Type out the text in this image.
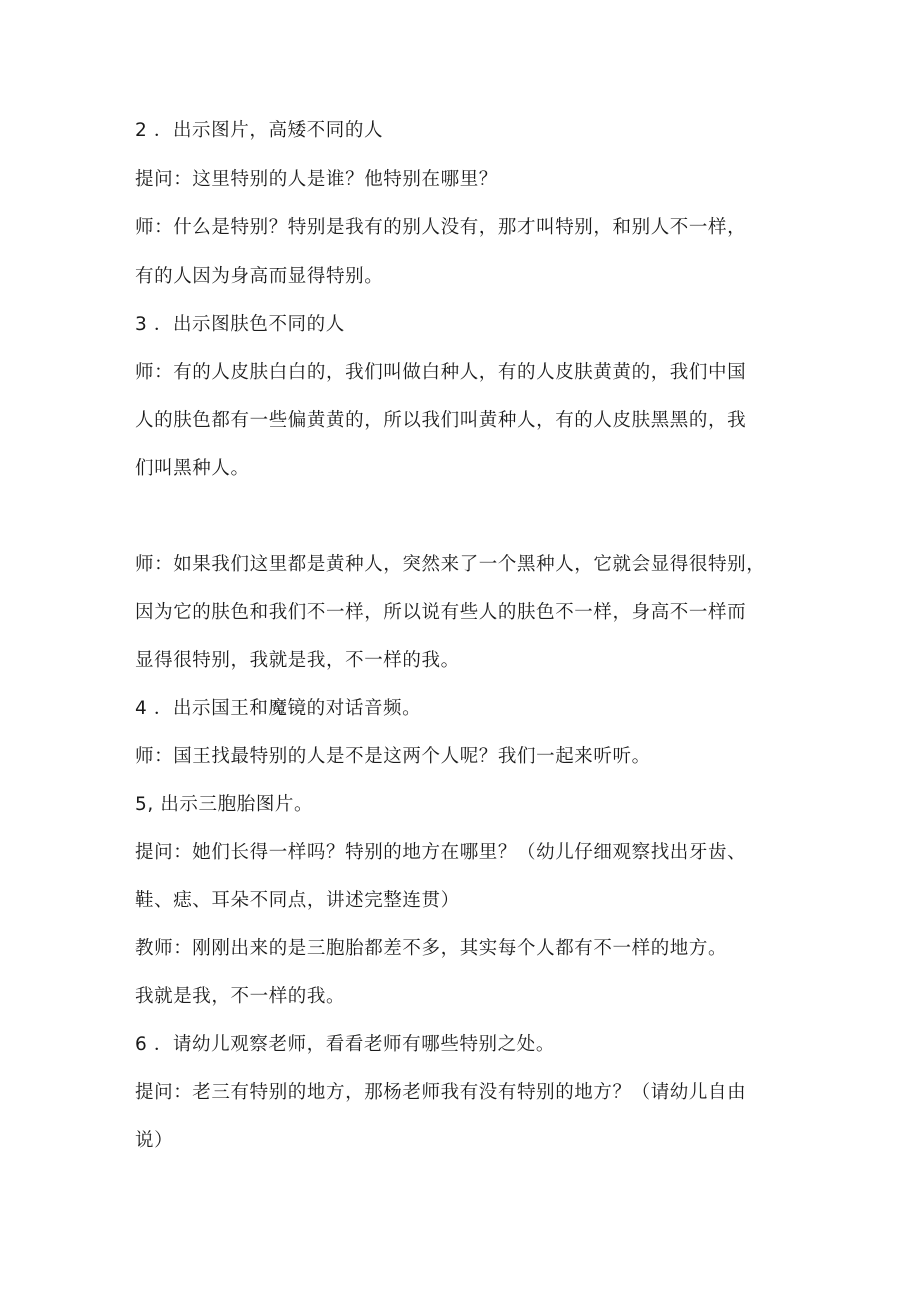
2 ．出示图片，高矮不同的人
提问：这里特别的人是谁？他特别在哪里？
师：什么是特别？特别是我有的别人没有，那才叫特别，和别人不一样，
有的人因为身高而显得特别。
3 ．出示图肤色不同的人
师：有的人皮肤白白的，我们叫做白种人，有的人皮肤黄黄的，我们中国
人的肤色都有一些偏黄黄的，所以我们叫黄种人，有的人皮肤黑黑的，我
们叫黑种人。
师：如果我们这里都是黄种人，突然来了一个黑种人，它就会显得很特别，
因为它的肤色和我们不一样，所以说有些人的肤色不一样，身高不一样而
显得很特别，我就是我，不一样的我。
4 ．出示国王和魔镜的对话音频。
师：国王找最特别的人是不是这两个人呢？我们一起来听听。
5, 出示三胞胎图片。
提问：她们长得一样吗？特别的地方在哪里？（幼儿仔细观察找出牙齿、
鞋、痣、耳朵不同点，讲述完整连贯）
教师：刚刚出来的是三胞胎都差不多，其实每个人都有不一样的地方。
我就是我，不一样的我。
6 ．请幼儿观察老师，看看老师有哪些特别之处。
提问：老三有特别的地方，那杨老师我有没有特别的地方？（请幼儿自由
说）
